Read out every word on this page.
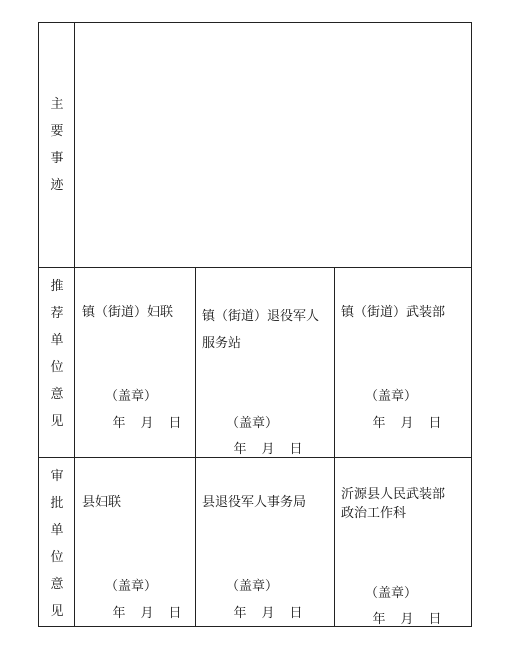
主
要
事
迹
推
荐
单
位
意
见
镇（街道）妇联
（盖章）
年 月 日
镇（街道）退役军人服务站
（盖章）
年 月 日
镇（街道）武装部
（盖章）
年 月 日
审
批
单
位
意
见
县妇联
（盖章）
年 月 日
县退役军人事务局
（盖章）
年 月 日
沂源县人民武装部政治工作科
（盖章）
年 月 日
